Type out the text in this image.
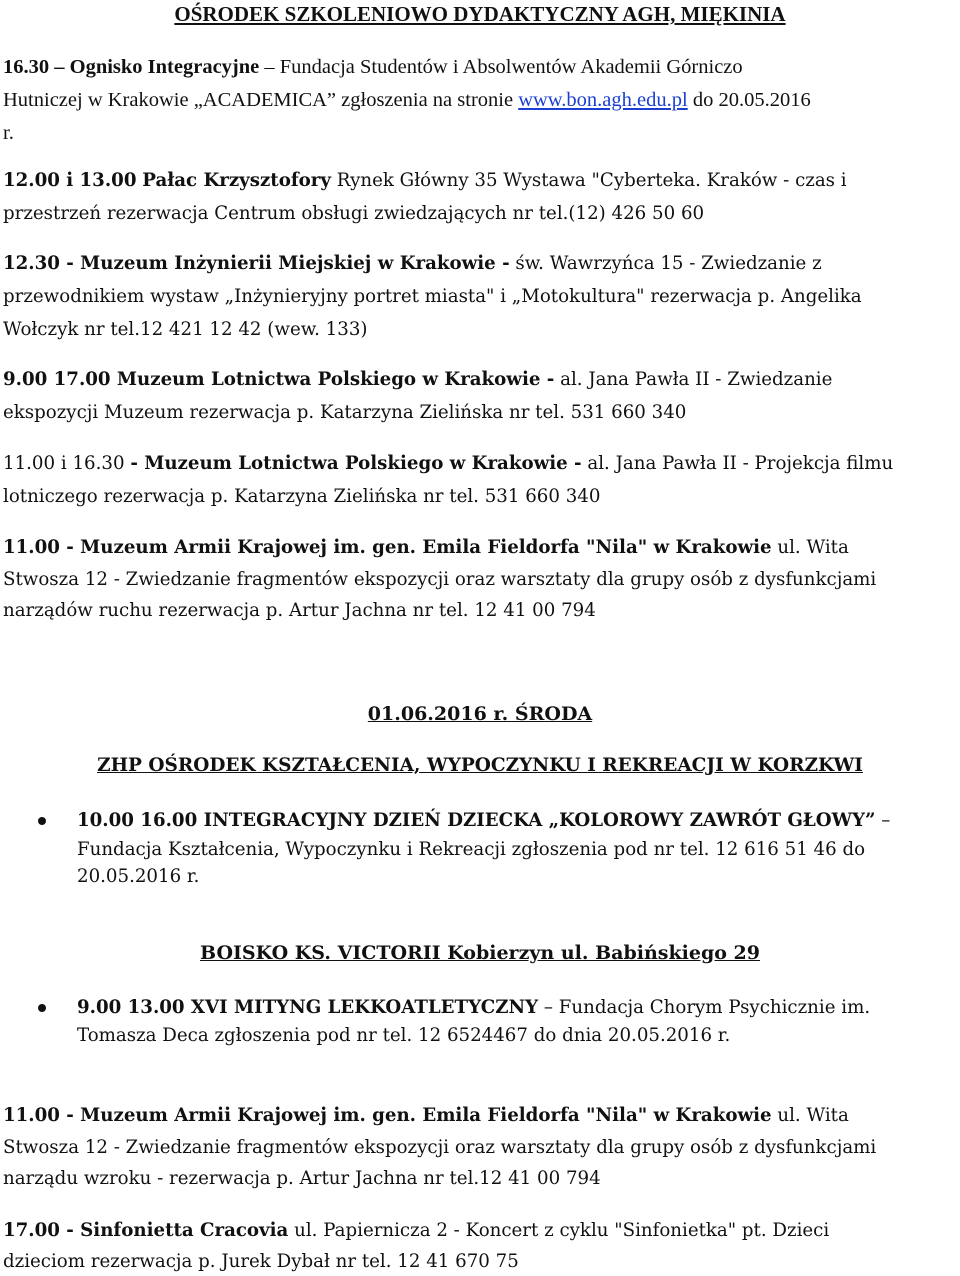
OŚRODEK SZKOLENIOWO DYDAKTYCZNY AGH, MIĘKINIA
16.30 – Ognisko Integracyjne – Fundacja Studentów i Absolwentów Akademii Górniczo
Hutniczej w Krakowie „ACADEMICA” zgłoszenia na stronie www.bon.agh.edu.pl do 20.05.2016
r.
12.00 i 13.00 Pałac Krzysztofory Rynek Główny 35 Wystawa "Cyberteka. Kraków - czas i
przestrzeń rezerwacja Centrum obsługi zwiedzających nr tel.(12) 426 50 60
12.30 - Muzeum Inżynierii Miejskiej w Krakowie - św. Wawrzyńca 15 - Zwiedzanie z
przewodnikiem wystaw „Inżynieryjny portret miasta" i „Motokultura" rezerwacja p. Angelika
Wołczyk nr tel.12 421 12 42 (wew. 133)
9.00 17.00 Muzeum Lotnictwa Polskiego w Krakowie - al. Jana Pawła II - Zwiedzanie
ekspozycji Muzeum rezerwacja p. Katarzyna Zielińska nr tel. 531 660 340
11.00 i 16.30 - Muzeum Lotnictwa Polskiego w Krakowie - al. Jana Pawła II - Projekcja filmu
lotniczego rezerwacja p. Katarzyna Zielińska nr tel. 531 660 340
11.00 - Muzeum Armii Krajowej im. gen. Emila Fieldorfa "Nila" w Krakowie ul. Wita
Stwosza 12 - Zwiedzanie fragmentów ekspozycji oraz warsztaty dla grupy osób z dysfunkcjami
narządów ruchu rezerwacja p. Artur Jachna nr tel. 12 41 00 794
01.06.2016 r. ŚRODA
ZHP OŚRODEK KSZTAŁCENIA, WYPOCZYNKU I REKREACJI W KORZKWI
10.00 16.00 INTEGRACYJNY DZIEŃ DZIECKA „KOLOROWY ZAWRÓT GŁOWY” –
Fundacja Kształcenia, Wypoczynku i Rekreacji zgłoszenia pod nr tel. 12 616 51 46 do
20.05.2016 r.
BOISKO KS. VICTORII Kobierzyn ul. Babińskiego 29
9.00 13.00 XVI MITYNG LEKKOATLETYCZNY – Fundacja Chorym Psychicznie im.
Tomasza Deca zgłoszenia pod nr tel. 12 6524467 do dnia 20.05.2016 r.
11.00 - Muzeum Armii Krajowej im. gen. Emila Fieldorfa "Nila" w Krakowie ul. Wita
Stwosza 12 - Zwiedzanie fragmentów ekspozycji oraz warsztaty dla grupy osób z dysfunkcjami
narządu wzroku - rezerwacja p. Artur Jachna nr tel.12 41 00 794
17.00 - Sinfonietta Cracovia ul. Papiernicza 2 - Koncert z cyklu "Sinfonietka" pt. Dzieci
dzieciom rezerwacja p. Jurek Dybał nr tel. 12 41 670 75
